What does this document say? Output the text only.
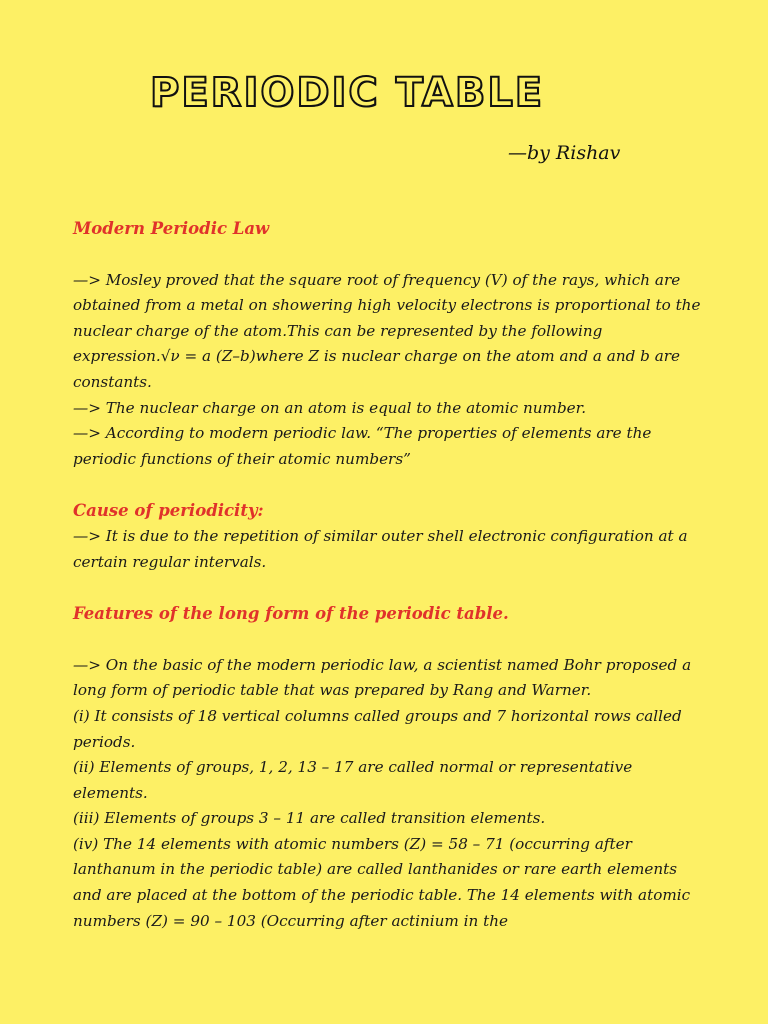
PERIODIC TABLE
—by Rishav
Modern Periodic Law

—> Mosley proved that the square root of frequency (V) of the rays, which are obtained from a metal on showering high velocity electrons is proportional to the nuclear charge of the atom.This can be represented by the following expression.√ν = a (Z–b)where Z is nuclear charge on the atom and a and b are constants.

—> The nuclear charge on an atom is equal to the atomic number.

—> According to modern periodic law. “The properties of elements are the periodic functions of their atomic numbers”

Cause of periodicity:

—> It is due to the repetition of similar outer shell electronic configuration at a certain regular intervals.

Features of the long form of the periodic table.

—> On the basic of the modern periodic law, a scientist named Bohr proposed a long form of periodic table that was prepared by Rang and Warner.

(i) It consists of 18 vertical columns called groups and 7 horizontal rows called periods.

(ii) Elements of groups, 1, 2, 13 – 17 are called normal or representative elements.

(iii) Elements of groups 3 – 11 are called transition elements.

(iv) The 14 elements with atomic numbers (Z) = 58 – 71 (occurring after lanthanum in the periodic table) are called lanthanides or rare earth elements and are placed at the bottom of the periodic table. The 14 elements with atomic numbers (Z) = 90 – 103 (Occurring after actinium in the
